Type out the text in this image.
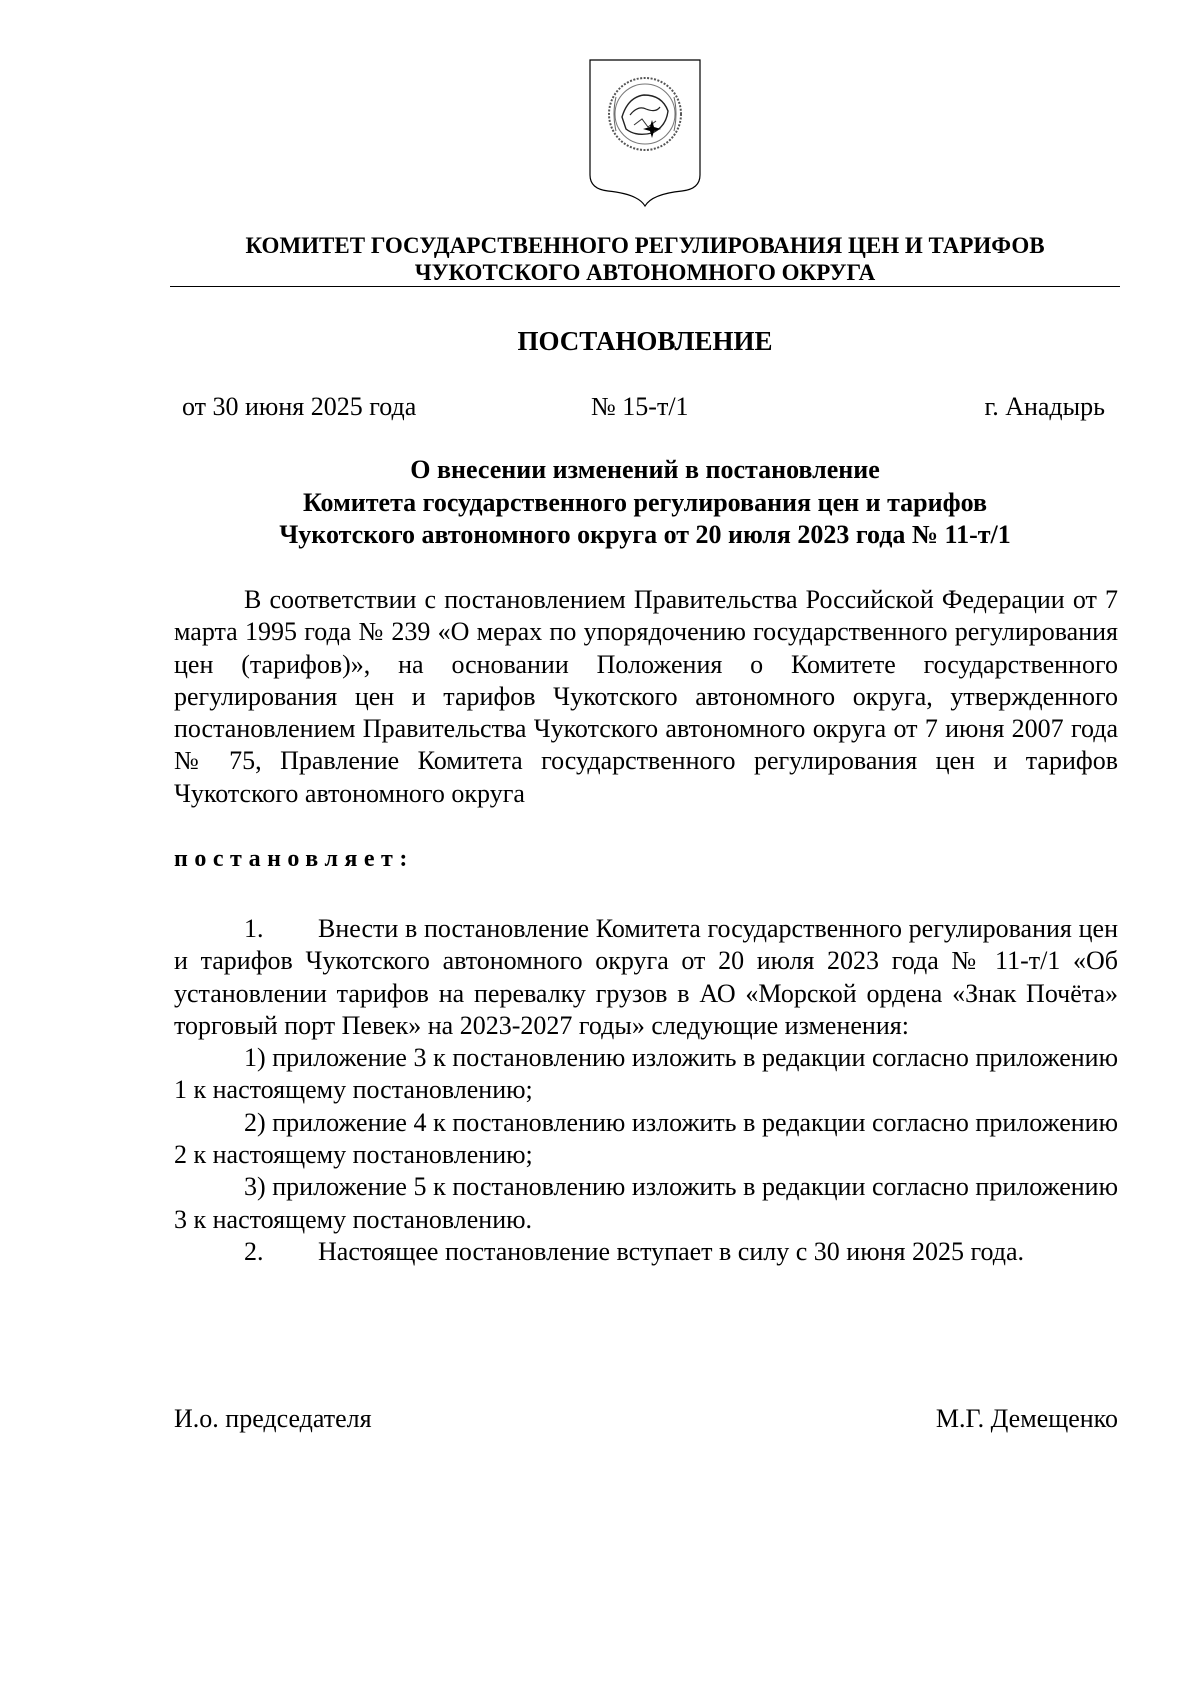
КОМИТЕТ ГОСУДАРСТВЕННОГО РЕГУЛИРОВАНИЯ ЦЕН И ТАРИФОВ
ЧУКОТСКОГО АВТОНОМНОГО ОКРУГА
ПОСТАНОВЛЕНИЕ
от 30 июня 2025 года	№ 15-т/1	г. Анадырь
О внесении изменений в постановление
Комитета государственного регулирования цен и тарифов
Чукотского автономного округа от 20 июля 2023 года № 11-т/1
В соответствии с постановлением Правительства Российской Федерации от 7 марта 1995 года № 239 «О мерах по упорядочению государственного регулирования цен (тарифов)», на основании Положения о Комитете государственного регулирования цен и тарифов Чукотского автономного округа, утвержденного постановлением Правительства Чукотского автономного округа от 7 июня 2007 года № 75, Правление Комитета государственного регулирования цен и тарифов Чукотского автономного округа
постановляет:

1. Внести в постановление Комитета государственного регулирования цен и тарифов Чукотского автономного округа от 20 июля 2023 года № 11-т/1 «Об установлении тарифов на перевалку грузов в АО «Морской ордена «Знак Почёта» торговый порт Певек» на 2023-2027 годы» следующие изменения:

1) приложение 3 к постановлению изложить в редакции согласно приложению 1 к настоящему постановлению;

2) приложение 4 к постановлению изложить в редакции согласно приложению 2 к настоящему постановлению;

3) приложение 5 к постановлению изложить в редакции согласно приложению 3 к настоящему постановлению.

2. Настоящее постановление вступает в силу с 30 июня 2025 года.

И.о. председателя	М.Г. Демещенко
